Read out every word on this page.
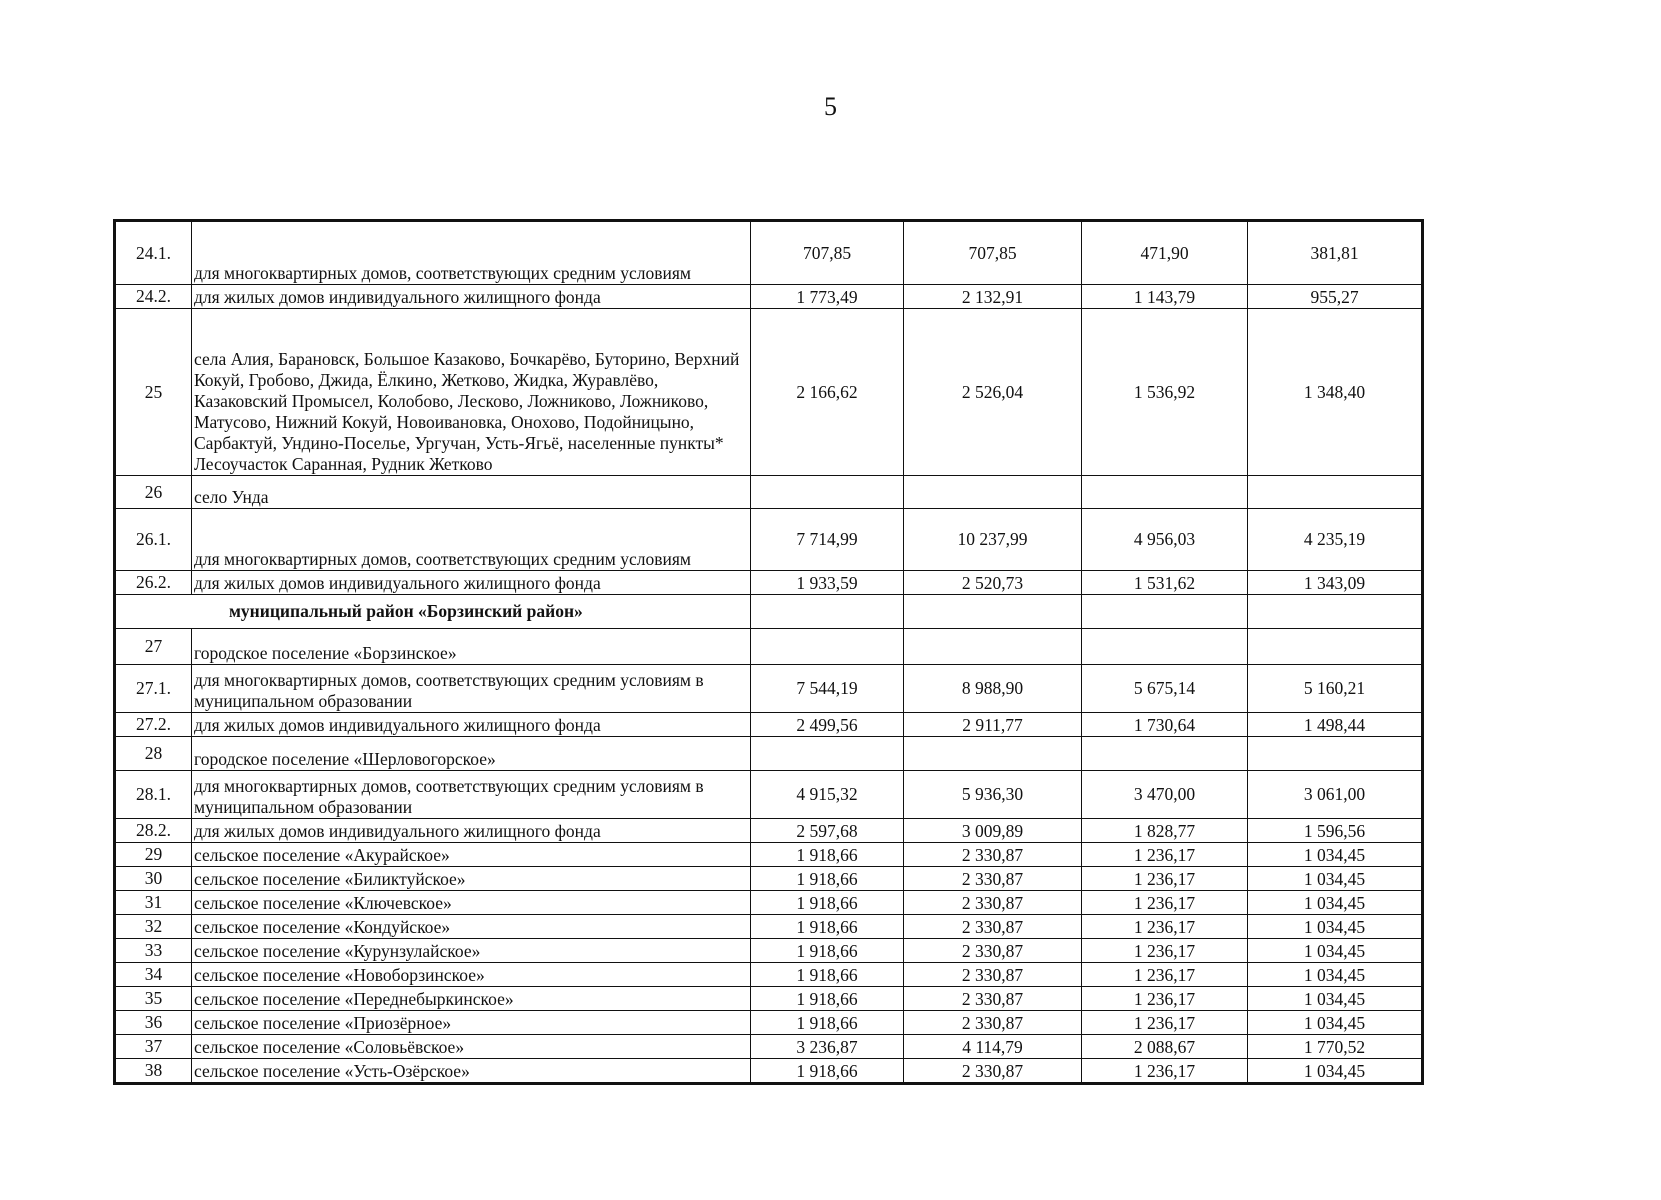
5
24.1.	для многоквартирных домов, соответствующих средним условиям	707,85	707,85	471,90	381,81
24.2.	для жилых домов индивидуального жилищного фонда	1 773,49	2 132,91	1 143,79	955,27
25	села Алия, Барановск, Большое Казаково, Бочкарёво, Буторино, Верхний Кокуй, Гробово, Джида, Ёлкино, Жетково, Жидка, Журавлёво, Казаковский Промысел, Колобово, Лесково, Ложниково, Ложниково, Матусово, Нижний Кокуй, Новоивановка, Онохово, Подойницыно, Сарбактуй, Ундино-Поселье, Ургучан, Усть-Ягьё, населенные пункты* Лесоучасток Саранная, Рудник Жетково	2 166,62	2 526,04	1 536,92	1 348,40
26	село Унда				
26.1.	для многоквартирных домов, соответствующих средним условиям	7 714,99	10 237,99	4 956,03	4 235,19
26.2.	для жилых домов индивидуального жилищного фонда	1 933,59	2 520,73	1 531,62	1 343,09
муниципальный район «Борзинский район»					
27	городское поселение «Борзинское»				
27.1.	для многоквартирных домов, соответствующих средним условиям в муниципальном образовании	7 544,19	8 988,90	5 675,14	5 160,21
27.2.	для жилых домов индивидуального жилищного фонда	2 499,56	2 911,77	1 730,64	1 498,44
28	городское поселение «Шерловогорское»				
28.1.	для многоквартирных домов, соответствующих средним условиям в муниципальном образовании	4 915,32	5 936,30	3 470,00	3 061,00
28.2.	для жилых домов индивидуального жилищного фонда	2 597,68	3 009,89	1 828,77	1 596,56
29	сельское поселение «Акурайское»	1 918,66	2 330,87	1 236,17	1 034,45
30	сельское поселение «Биликтуйское»	1 918,66	2 330,87	1 236,17	1 034,45
31	сельское поселение «Ключевское»	1 918,66	2 330,87	1 236,17	1 034,45
32	сельское поселение «Кондуйское»	1 918,66	2 330,87	1 236,17	1 034,45
33	сельское поселение «Курунзулайское»	1 918,66	2 330,87	1 236,17	1 034,45
34	сельское поселение «Новоборзинское»	1 918,66	2 330,87	1 236,17	1 034,45
35	сельское поселение «Переднебыркинское»	1 918,66	2 330,87	1 236,17	1 034,45
36	сельское поселение «Приозёрное»	1 918,66	2 330,87	1 236,17	1 034,45
37	сельское поселение «Соловьёвское»	3 236,87	4 114,79	2 088,67	1 770,52
38	сельское поселение «Усть-Озёрское»	1 918,66	2 330,87	1 236,17	1 034,45
